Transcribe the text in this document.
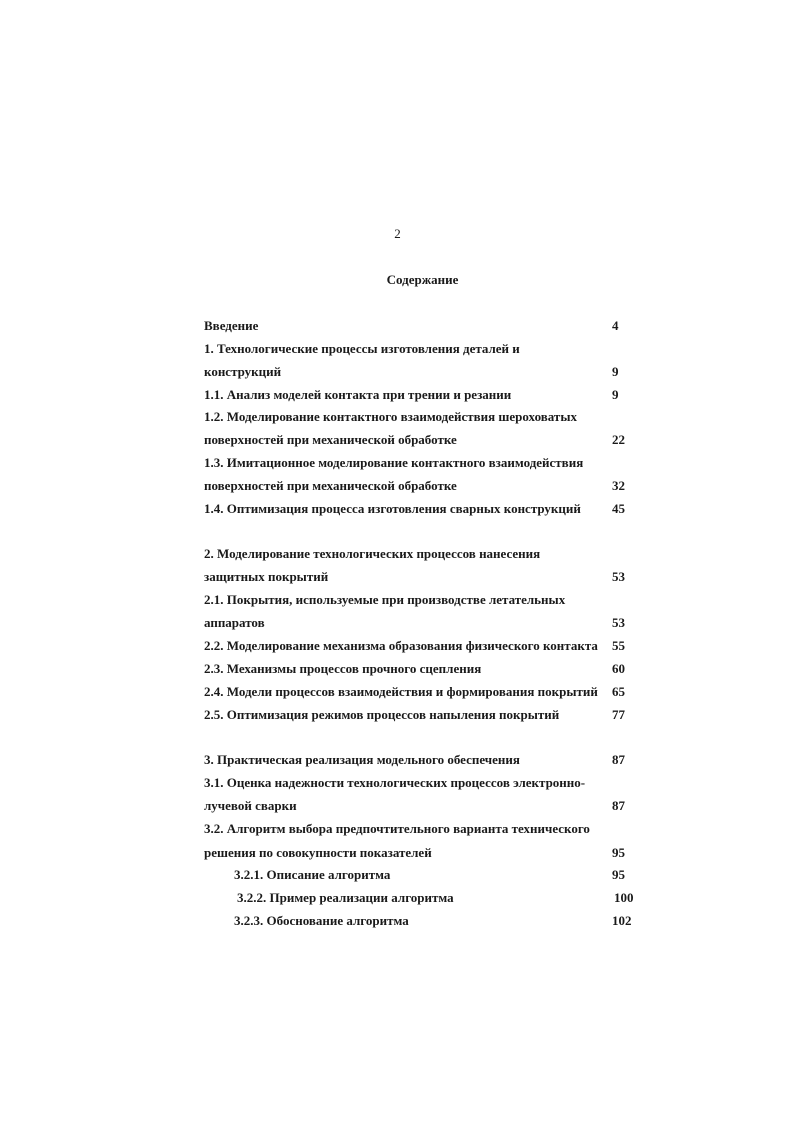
2
Содержание
Введение	4
1. Технологические процессы изготовления деталей и
конструкций	9
1.1. Анализ моделей контакта при трении и резании	9
1.2. Моделирование контактного взаимодействия шероховатых
поверхностей при механической обработке	22
1.3. Имитационное моделирование контактного взаимодействия
поверхностей при механической обработке	32
1.4. Оптимизация процесса изготовления сварных конструкций 45
2. Моделирование технологических процессов нанесения
защитных покрытий	53
2.1. Покрытия, используемые при производстве летательных
аппаратов	53
2.2. Моделирование механизма образования физического контакта 55
2.3. Механизмы процессов прочного сцепления	60
2.4. Модели процессов взаимодействия и формирования покрытий 65
2.5. Оптимизация режимов процессов напыления покрытий	77
3. Практическая реализация модельного обеспечения	87
3.1. Оценка надежности технологических процессов электронно-
лучевой сварки	87
3.2. Алгоритм выбора предпочтительного варианта технического
решения по совокупности показателей	95
3.2.1. Описание алгоритма	95
3.2.2. Пример реализации алгоритма	100
3.2.3. Обоснование алгоритма	102
